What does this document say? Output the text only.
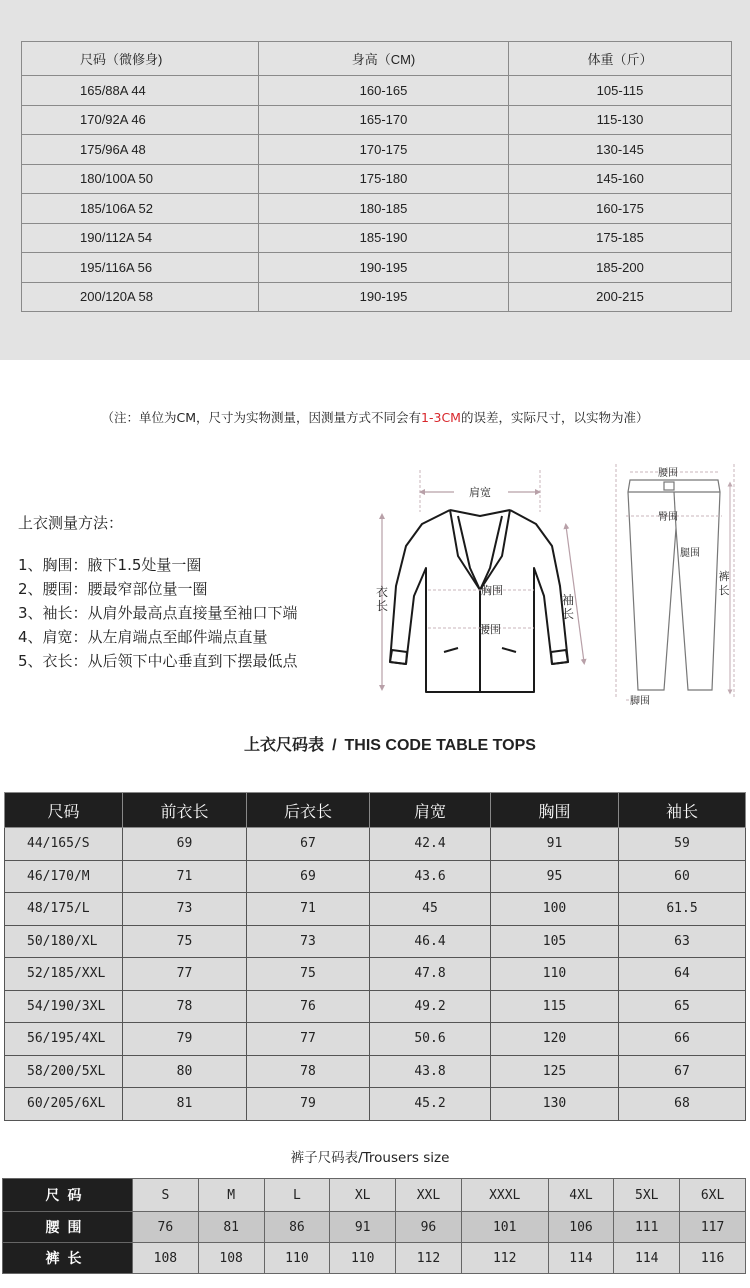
尺码（微修身)	身高（CM)	体重（斤）
165/88A 44	160-165	105-115
170/92A 46	165-170	115-130
175/96A 48	170-175	130-145
180/100A 50	175-180	145-160
185/106A 52	180-185	160-175
190/112A 54	185-190	175-185
195/116A 56	190-195	185-200
200/120A 58	190-195	200-215
（注：单位为CM，尺寸为实物测量，因测量方式不同会有1-3CM的误差，实际尺寸，以实物为准）
上衣测量方法：
1、胸围：腋下1.5处量一圈
2、腰围：腰最窄部位量一圈
3、袖长：从肩外最高点直接量至袖口下端
4、肩宽：从左肩端点至邮件端点直量
5、衣长：从后领下中心垂直到下摆最低点
肩宽
胸围
腰围
衣
长	袖
长
腰围
臀围
腿围
裤
长
脚围
上衣尺码表 / THIS CODE TABLE TOPS
尺码	前衣长	后衣长	肩宽	胸围	袖长
44/165/S	69	67	42.4	91	59
46/170/M	71	69	43.6	95	60
48/175/L	73	71	45	100	61.5
50/180/XL	75	73	46.4	105	63
52/185/XXL	77	75	47.8	110	64
54/190/3XL	78	76	49.2	115	65
56/195/4XL	79	77	50.6	120	66
58/200/5XL	80	78	43.8	125	67
60/205/6XL	81	79	45.2	130	68
裤子尺码表/Trousers size
尺码	S	M	L	XL	XXL	XXXL	4XL	5XL	6XL
腰围	76	81	86	91	96	101	106	111	117
裤长	108	108	110	110	112	112	114	114	116
